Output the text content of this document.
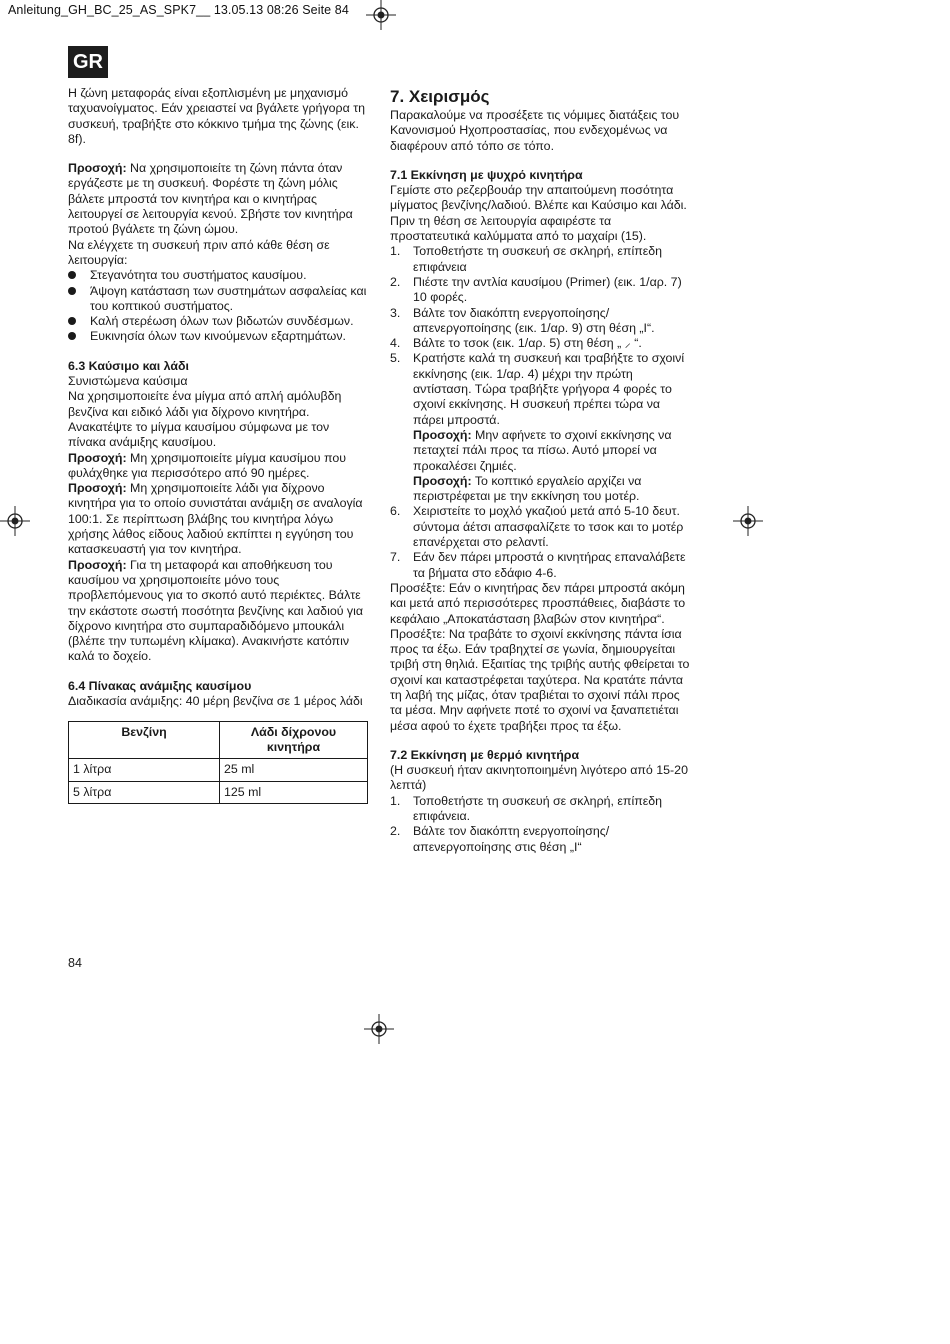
Anleitung_GH_BC_25_AS_SPK7__ 13.05.13 08:26 Seite 84
GR

Η ζώνη μεταφοράς είναι εξοπλισμένη με μηχανισμό ταχυανοίγματος. Εάν χρειαστεί να βγάλετε γρήγορα τη συσκευή, τραβήξτε στο κόκκινο τμήμα της ζώνης (εικ. 8f).

Προσοχή: Να χρησιμοποιείτε τη ζώνη πάντα όταν εργάζεστε με τη συσκευή. Φορέστε τη ζώνη μόλις βάλετε μπροστά τον κινητήρα και ο κινητήρας λειτουργεί σε λειτουργία κενού. Σβήστε τον κινητήρα προτού βγάλετε τη ζώνη ώμου.

Να ελέγχετε τη συσκευή πριν από κάθε θέση σε λειτουργία:

Στεγανότητα του συστήματος καυσίμου.
Άψογη κατάσταση των συστημάτων ασφαλείας και του κοπτικού συστήματος.
Καλή στερέωση όλων των βιδωτών συνδέσμων.
Ευκινησία όλων των κινούμενων εξαρτημάτων.

6.3 Καύσιμο και λάδι

Συνιστώμενα καύσιμα

Να χρησιμοποιείτε ένα μίγμα από απλή αμόλυβδη βενζίνα και ειδικό λάδι για δίχρονο κινητήρα. Ανακατέψτε το μίγμα καυσίμου σύμφωνα με τον πίνακα ανάμιξης καυσίμου.

Προσοχή: Μη χρησιμοποιείτε μίγμα καυσίμου που φυλάχθηκε για περισσότερο από 90 ημέρες.

Προσοχή: Μη χρησιμοποιείτε λάδι για δίχρονο κινητήρα για το οποίο συνιστάται ανάμιξη σε αναλογία 100:1. Σε περίπτωση βλάβης του κινητήρα λόγω χρήσης λάθος είδους λαδιού εκπίπτει η εγγύηση του κατασκευαστή για τον κινητήρα.

Προσοχή: Για τη μεταφορά και αποθήκευση του καυσίμου να χρησιμοποιείτε μόνο τους προβλεπόμενους για το σκοπό αυτό περιέκτες. Βάλτε την εκάστοτε σωστή ποσότητα βενζίνης και λαδιού για δίχρονο κινητήρα στο συμπαραδιδόμενο μπουκάλι (βλέπε την τυπωμένη κλίμακα). Ανακινήστε κατόπιν καλά το δοχείο.

6.4 Πίνακας ανάμιξης καυσίμου

Διαδικασία ανάμιξης: 40 μέρη βενζίνα σε 1 μέρος λάδι

Βενζίνη	Λάδι δίχρονου κινητήρα
1 λίτρα	25 ml
5 λίτρα	125 ml

7. Χειρισμός

Παρακαλούμε να προσέξετε τις νόμιμες διατάξεις του Κανονισμού Ηχοπροστασίας, που ενδεχομένως να διαφέρουν από τόπο σε τόπο.

7.1 Εκκίνηση με ψυχρό κινητήρα

Γεμίστε στο ρεζερβουάρ την απαιτούμενη ποσότητα μίγματος βενζίνης/λαδιού. Βλέπε και Καύσιμο και λάδι.

Πριν τη θέση σε λειτουργία αφαιρέστε τα προστατευτικά καλύμματα από το μαχαίρι (15).

1. Τοποθετήστε τη συσκευή σε σκληρή, επίπεδη επιφάνεια
2. Πιέστε την αντλία καυσίμου (Primer) (εικ. 1/αρ. 7) 10 φορές.
3. Βάλτε τον διακόπτη ενεργοποίησης/απενεργοποίησης (εικ. 1/αρ. 9) στη θέση „I“.
4. Βάλτε το τσοκ (εικ. 1/αρ. 5) στη θέση „ ⸝ “.
5. Κρατήστε καλά τη συσκευή και τραβήξτε το σχοινί εκκίνησης (εικ. 1/αρ. 4) μέχρι την πρώτη αντίσταση. Τώρα τραβήξτε γρήγορα 4 φορές το σχοινί εκκίνησης. Η συσκευή πρέπει τώρα να πάρει μπροστά.

Προσοχή: Μην αφήνετε το σχοινί εκκίνησης να πεταχτεί πάλι προς τα πίσω. Αυτό μπορεί να προκαλέσει ζημιές.

Προσοχή: Το κοπτικό εργαλείο αρχίζει να περιστρέφεται με την εκκίνηση του μοτέρ.

6. Χειριστείτε το μοχλό γκαζιού μετά από 5-10 δευτ. σύντομα άέτσι απασφαλίζετε το τσοκ και το μοτέρ επανέρχεται στο ρελαντί.
7. Εάν δεν πάρει μπροστά ο κινητήρας επαναλάβετε τα βήματα στο εδάφιο 4-6.

Προσέξτε: Εάν ο κινητήρας δεν πάρει μπροστά ακόμη και μετά από περισσότερες προσπάθειες, διαβάστε το κεφάλαιο „Αποκατάσταση βλαβών στον κινητήρα“. Προσέξτε: Να τραβάτε το σχοινί εκκίνησης πάντα ίσια προς τα έξω. Εάν τραβηχτεί σε γωνία, δημιουργείται τριβή στη θηλιά. Εξαιτίας της τριβής αυτής φθείρεται το σχοινί και καταστρέφεται ταχύτερα. Να κρατάτε πάντα τη λαβή της μίζας, όταν τραβιέται το σχοινί πάλι προς τα μέσα. Μην αφήνετε ποτέ το σχοινί να ξαναπετιέται μέσα αφού το έχετε τραβήξει προς τα έξω.

7.2 Εκκίνηση με θερμό κινητήρα

(Η συσκευή ήταν ακινητοποιημένη λιγότερο από 15-20 λεπτά)

1. Τοποθετήστε τη συσκευή σε σκληρή, επίπεδη επιφάνεια.
2. Βάλτε τον διακόπτη ενεργοποίησης/απενεργοποίησης στις θέση „I“
84
